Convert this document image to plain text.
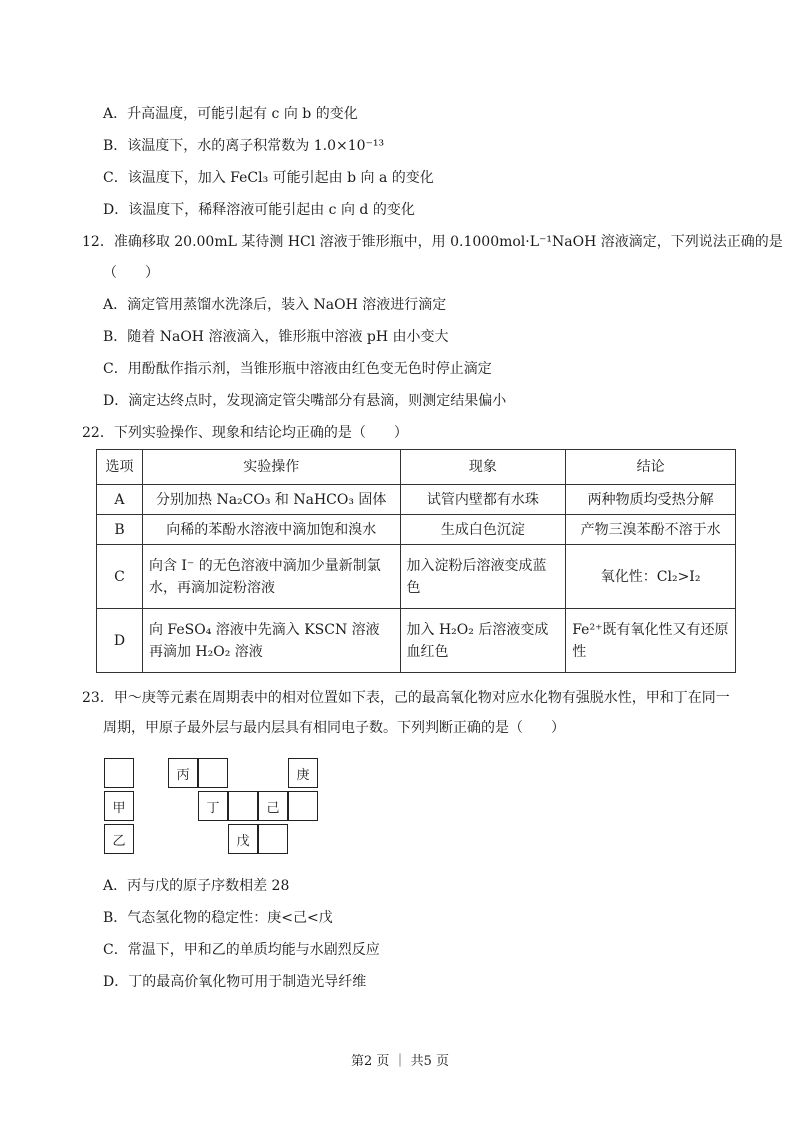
A．升高温度，可能引起有 c 向 b 的变化
B．该温度下，水的离子积常数为 1.0×10⁻¹³
C．该温度下，加入 FeCl₃ 可能引起由 b 向 a 的变化
D．该温度下，稀释溶液可能引起由 c 向 d 的变化
12．准确移取 20.00mL 某待测 HCl 溶液于锥形瓶中，用 0.1000mol·L⁻¹NaOH 溶液滴定，下列说法正确的是
（　　）
A．滴定管用蒸馏水洗涤后，装入 NaOH 溶液进行滴定
B．随着 NaOH 溶液滴入，锥形瓶中溶液 pH 由小变大
C．用酚酞作指示剂，当锥形瓶中溶液由红色变无色时停止滴定
D．滴定达终点时，发现滴定管尖嘴部分有悬滴，则测定结果偏小
22．下列实验操作、现象和结论均正确的是（　　）
选项	实验操作	现象	结论
A	分别加热 Na₂CO₃ 和 NaHCO₃ 固体	试管内壁都有水珠	两种物质均受热分解
B	向稀的苯酚水溶液中滴加饱和溴水	生成白色沉淀	产物三溴苯酚不溶于水
C	向含 I⁻ 的无色溶液中滴加少量新制氯水，再滴加淀粉溶液	加入淀粉后溶液变成蓝色	氧化性：Cl₂>I₂
D	向 FeSO₄ 溶液中先滴入 KSCN 溶液再滴加 H₂O₂ 溶液	加入 H₂O₂ 后溶液变成血红色	Fe²⁺既有氧化性又有还原性
23．甲～庚等元素在周期表中的相对位置如下表，己的最高氧化物对应水化物有强脱水性，甲和丁在同一
周期，甲原子最外层与最内层具有相同电子数。下列判断正确的是（　　）
甲
乙
丙
丁
戊
己
庚
A．丙与戊的原子序数相差 28
B．气态氢化物的稳定性：庚<己<戊
C．常温下，甲和乙的单质均能与水剧烈反应
D．丁的最高价氧化物可用于制造光导纤维
第2 页 ｜ 共5 页
